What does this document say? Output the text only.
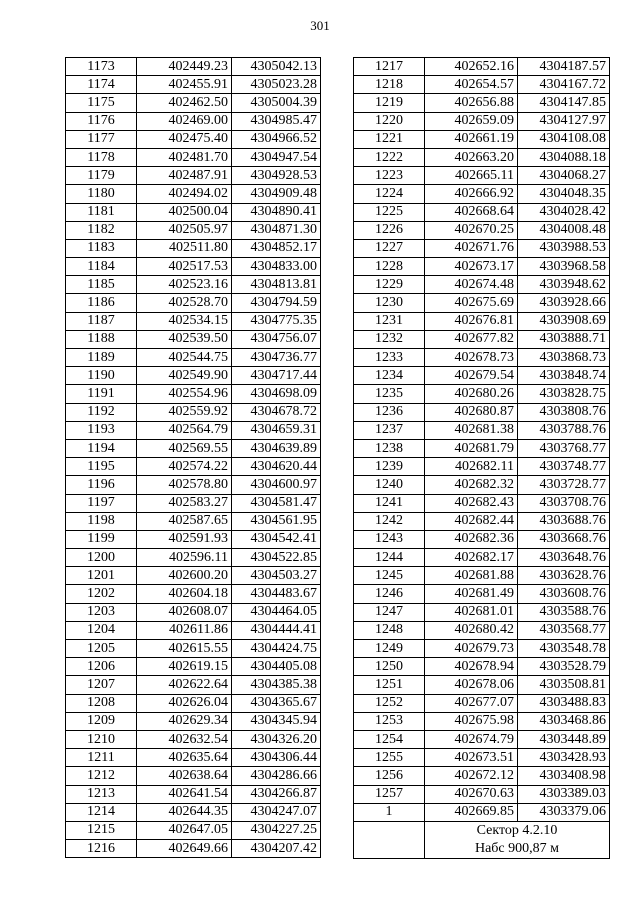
301
1173	402449.23	4305042.13
1174	402455.91	4305023.28
1175	402462.50	4305004.39
1176	402469.00	4304985.47
1177	402475.40	4304966.52
1178	402481.70	4304947.54
1179	402487.91	4304928.53
1180	402494.02	4304909.48
1181	402500.04	4304890.41
1182	402505.97	4304871.30
1183	402511.80	4304852.17
1184	402517.53	4304833.00
1185	402523.16	4304813.81
1186	402528.70	4304794.59
1187	402534.15	4304775.35
1188	402539.50	4304756.07
1189	402544.75	4304736.77
1190	402549.90	4304717.44
1191	402554.96	4304698.09
1192	402559.92	4304678.72
1193	402564.79	4304659.31
1194	402569.55	4304639.89
1195	402574.22	4304620.44
1196	402578.80	4304600.97
1197	402583.27	4304581.47
1198	402587.65	4304561.95
1199	402591.93	4304542.41
1200	402596.11	4304522.85
1201	402600.20	4304503.27
1202	402604.18	4304483.67
1203	402608.07	4304464.05
1204	402611.86	4304444.41
1205	402615.55	4304424.75
1206	402619.15	4304405.08
1207	402622.64	4304385.38
1208	402626.04	4304365.67
1209	402629.34	4304345.94
1210	402632.54	4304326.20
1211	402635.64	4304306.44
1212	402638.64	4304286.66
1213	402641.54	4304266.87
1214	402644.35	4304247.07
1215	402647.05	4304227.25
1216	402649.66	4304207.42
1217	402652.16	4304187.57
1218	402654.57	4304167.72
1219	402656.88	4304147.85
1220	402659.09	4304127.97
1221	402661.19	4304108.08
1222	402663.20	4304088.18
1223	402665.11	4304068.27
1224	402666.92	4304048.35
1225	402668.64	4304028.42
1226	402670.25	4304008.48
1227	402671.76	4303988.53
1228	402673.17	4303968.58
1229	402674.48	4303948.62
1230	402675.69	4303928.66
1231	402676.81	4303908.69
1232	402677.82	4303888.71
1233	402678.73	4303868.73
1234	402679.54	4303848.74
1235	402680.26	4303828.75
1236	402680.87	4303808.76
1237	402681.38	4303788.76
1238	402681.79	4303768.77
1239	402682.11	4303748.77
1240	402682.32	4303728.77
1241	402682.43	4303708.76
1242	402682.44	4303688.76
1243	402682.36	4303668.76
1244	402682.17	4303648.76
1245	402681.88	4303628.76
1246	402681.49	4303608.76
1247	402681.01	4303588.76
1248	402680.42	4303568.77
1249	402679.73	4303548.78
1250	402678.94	4303528.79
1251	402678.06	4303508.81
1252	402677.07	4303488.83
1253	402675.98	4303468.86
1254	402674.79	4303448.89
1255	402673.51	4303428.93
1256	402672.12	4303408.98
1257	402670.63	4303389.03
1	402669.85	4303379.06

	Сектор 4.2.10
Набс 900,87 м	
